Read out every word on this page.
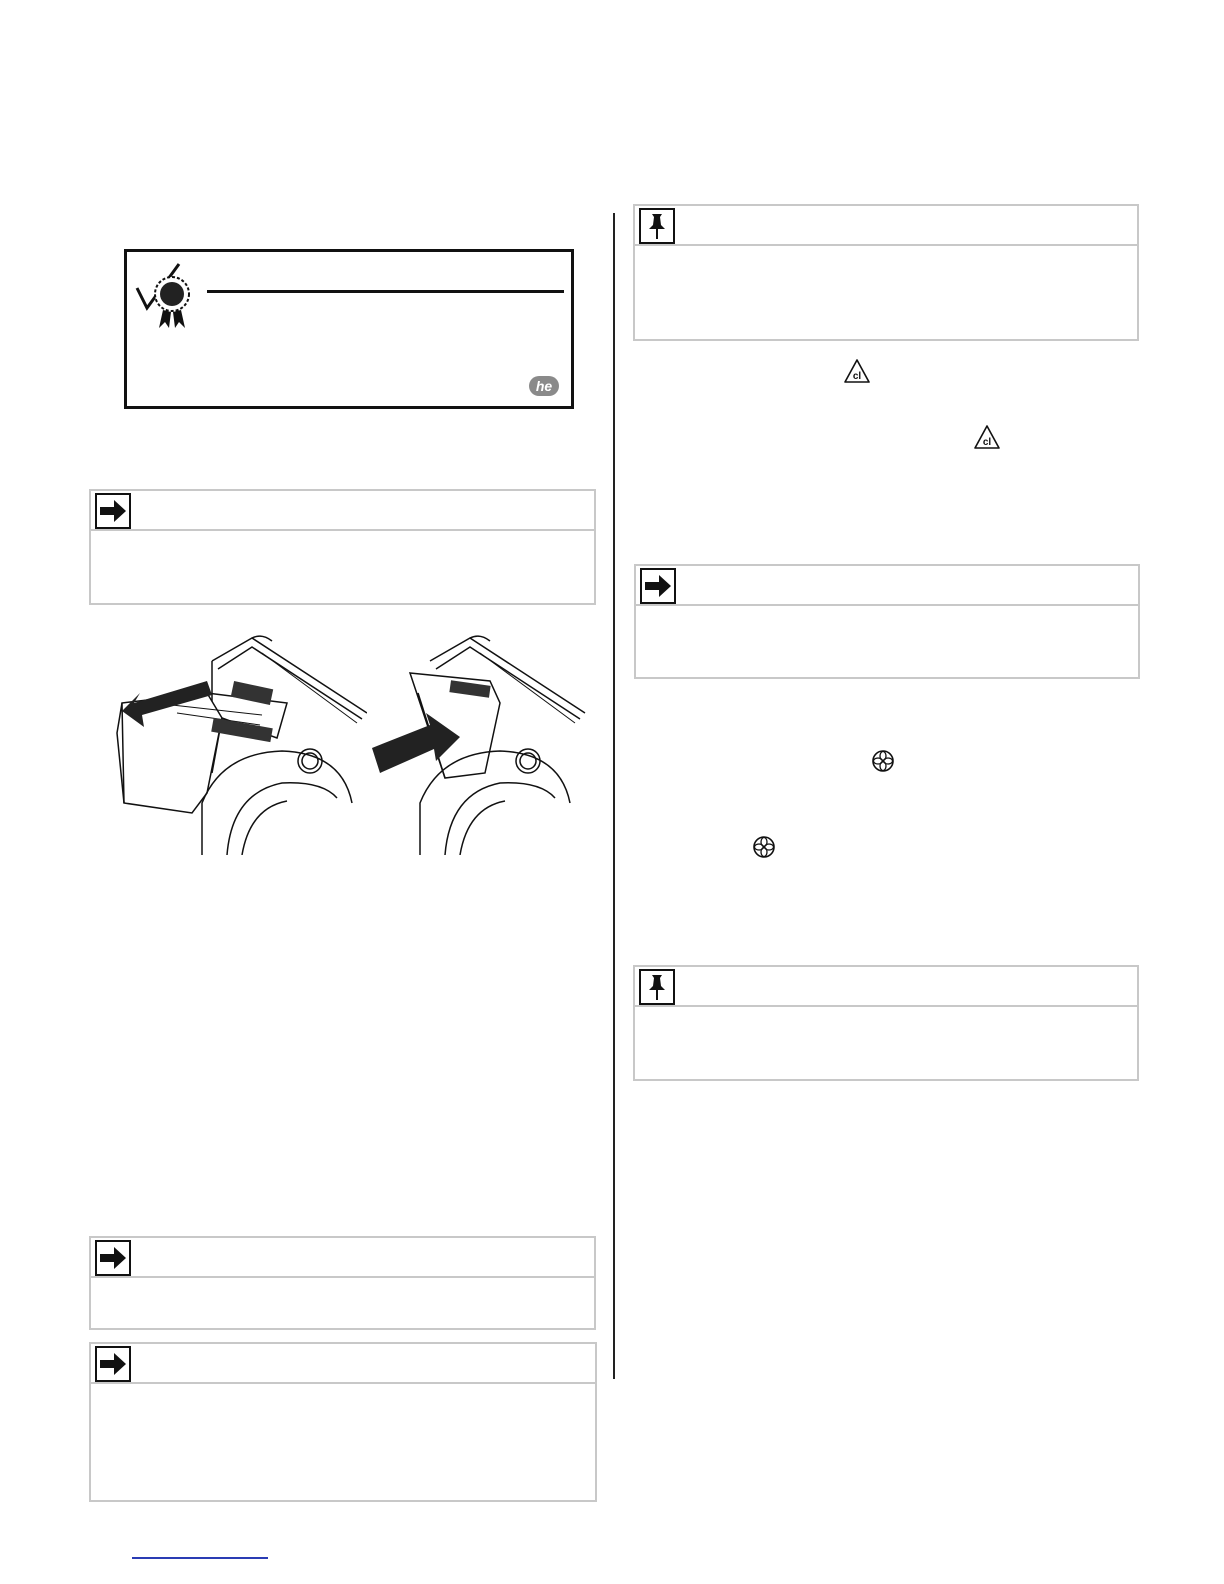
he
cl
cl
